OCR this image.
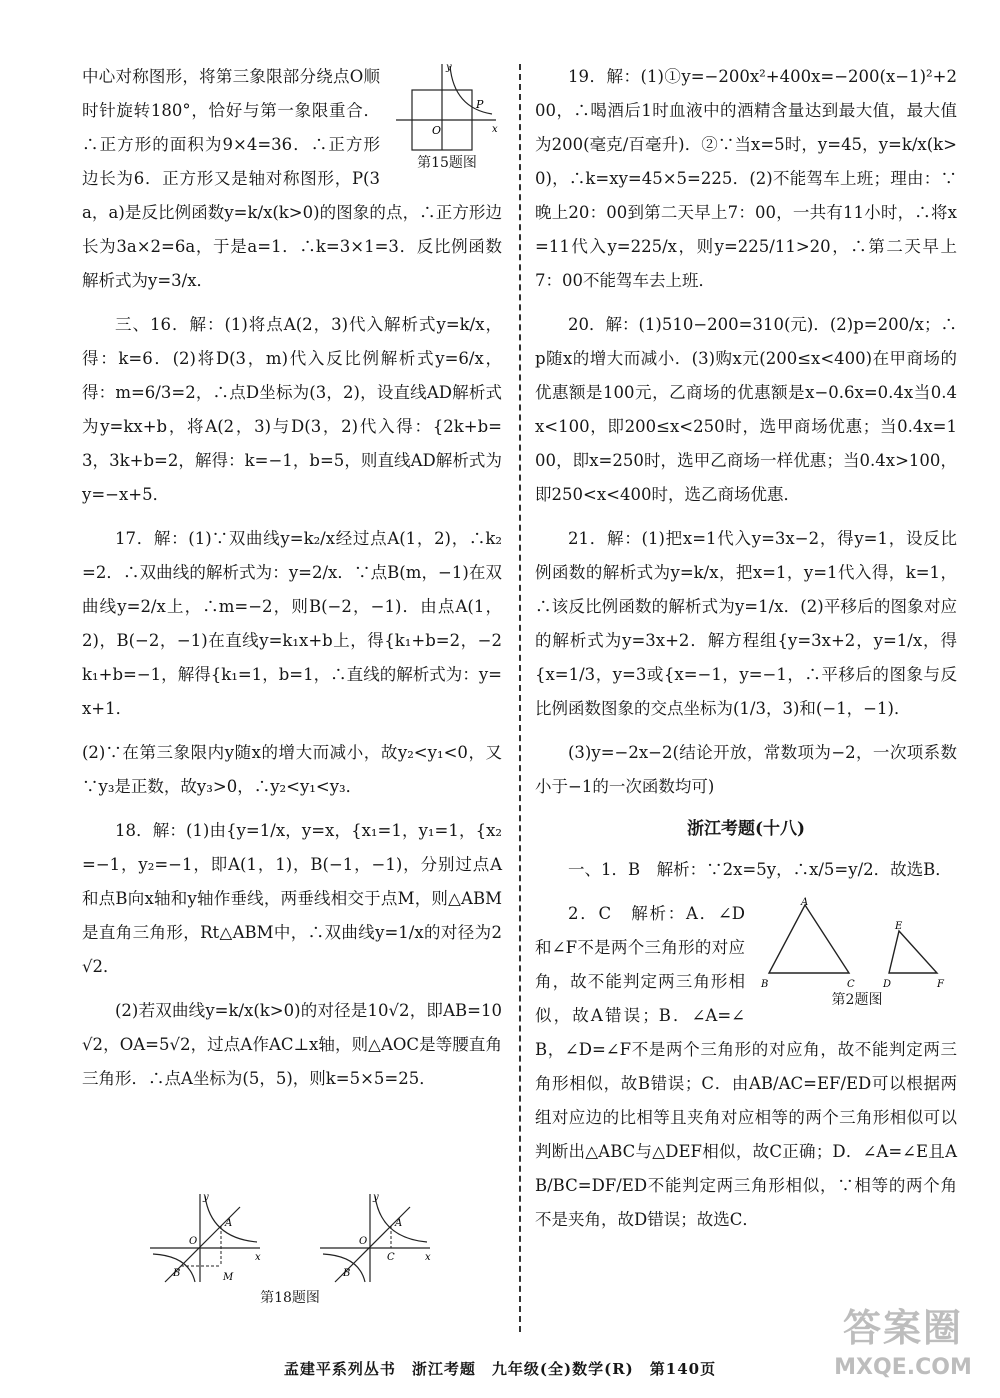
O
P
x
y
第15题图

中心对称图形，将第三象限部分绕点O顺时针旋转180°，恰好与第一象限重合．∴正方形的面积为9×4=36．∴正方形边长为6．正方形又是轴对称图形，P(3a，a)是反比例函数y=k/x(k>0)的图象的点，∴正方形边长为3a×2=6a，于是a=1．∴k=3×1=3．反比例函数解析式为y=3/x．

三、16．解：(1)将点A(2，3)代入解析式y=k/x，得：k=6．(2)将D(3，m)代入反比例解析式y=6/x，得：m=6/3=2，∴点D坐标为(3，2)，设直线AD解析式为y=kx+b，将A(2，3)与D(3，2)代入得：{2k+b=3，3k+b=2，解得：k=−1，b=5，则直线AD解析式为y=−x+5．

17．解：(1)∵双曲线y=k₂/x经过点A(1，2)，∴k₂=2．∴双曲线的解析式为：y=2/x．∵点B(m，−1)在双曲线y=2/x上，∴m=−2，则B(−2，−1)．由点A(1，2)，B(−2，−1)在直线y=k₁x+b上，得{k₁+b=2，−2k₁+b=−1，解得{k₁=1，b=1，∴直线的解析式为：y=x+1．

(2)∵在第三象限内y随x的增大而减小，故y₂<y₁<0，又∵y₃是正数，故y₃>0，∴y₂<y₁<y₃．

18．解：(1)由{y=1/x，y=x，{x₁=1，y₁=1，{x₂=−1，y₂=−1，即A(1，1)，B(−1，−1)，分别过点A和点B向x轴和y轴作垂线，两垂线相交于点M，则△ABM是直角三角形，Rt△ABM中，∴双曲线y=1/x的对径为2√2．

(2)若双曲线y=k/x(k>0)的对径是10√2，即AB=10√2，OA=5√2，过点A作AC⊥x轴，则△AOC是等腰直角三角形．∴点A坐标为(5，5)，则k=5×5=25．

O
A
B	M
x
y
O
A
C
B
x
y
第18题图

19．解：(1)①y=−200x²+400x=−200(x−1)²+200，∴喝酒后1时血液中的酒精含量达到最大值，最大值为200(毫克/百毫升)．②∵当x=5时，y=45，y=k/x(k>0)，∴k=xy=45×5=225．(2)不能驾车上班；理由：∵晚上20：00到第二天早上7：00，一共有11小时，∴将x=11代入y=225/x，则y=225/11>20，∴第二天早上7：00不能驾车去上班．

20．解：(1)510−200=310(元)．(2)p=200/x；∴p随x的增大而减小．(3)购x元(200≤x<400)在甲商场的优惠额是100元，乙商场的优惠额是x−0.6x=0.4x当0.4x<100，即200≤x<250时，选甲商场优惠；当0.4x=100，即x=250时，选甲乙商场一样优惠；当0.4x>100，即250<x<400时，选乙商场优惠．

21．解：(1)把x=1代入y=3x−2，得y=1，设反比例函数的解析式为y=k/x，把x=1，y=1代入得，k=1，∴该反比例函数的解析式为y=1/x．(2)平移后的图象对应的解析式为y=3x+2．解方程组{y=3x+2，y=1/x，得{x=1/3，y=3或{x=−1，y=−1，∴平移后的图象与反比例函数图象的交点坐标为(1/3，3)和(−1，−1)．

(3)y=−2x−2(结论开放，常数项为−2，一次项系数小于−1的一次函数均可)

浙江考题(十八)

一、1．B　解析：∵2x=5y，∴x/5=y/2．故选B．

A
B	C
E
D	F
第2题图

2．C　解析：A．∠D和∠F不是两个三角形的对应角，故不能判定两三角形相似，故A错误；B．∠A=∠B，∠D=∠F不是两个三角形的对应角，故不能判定两三角形相似，故B错误；C．由AB/AC=EF/ED可以根据两组对应边的比相等且夹角对应相等的两个三角形相似可以判断出△ABC与△DEF相似，故C正确；D．∠A=∠E且AB/BC=DF/ED不能判定两三角形相似，∵相等的两个角不是夹角，故D错误；故选C．

孟建平系列丛书　浙江考题　九年级(全)数学(R)　第140页
答案圈
MXQE.COM
